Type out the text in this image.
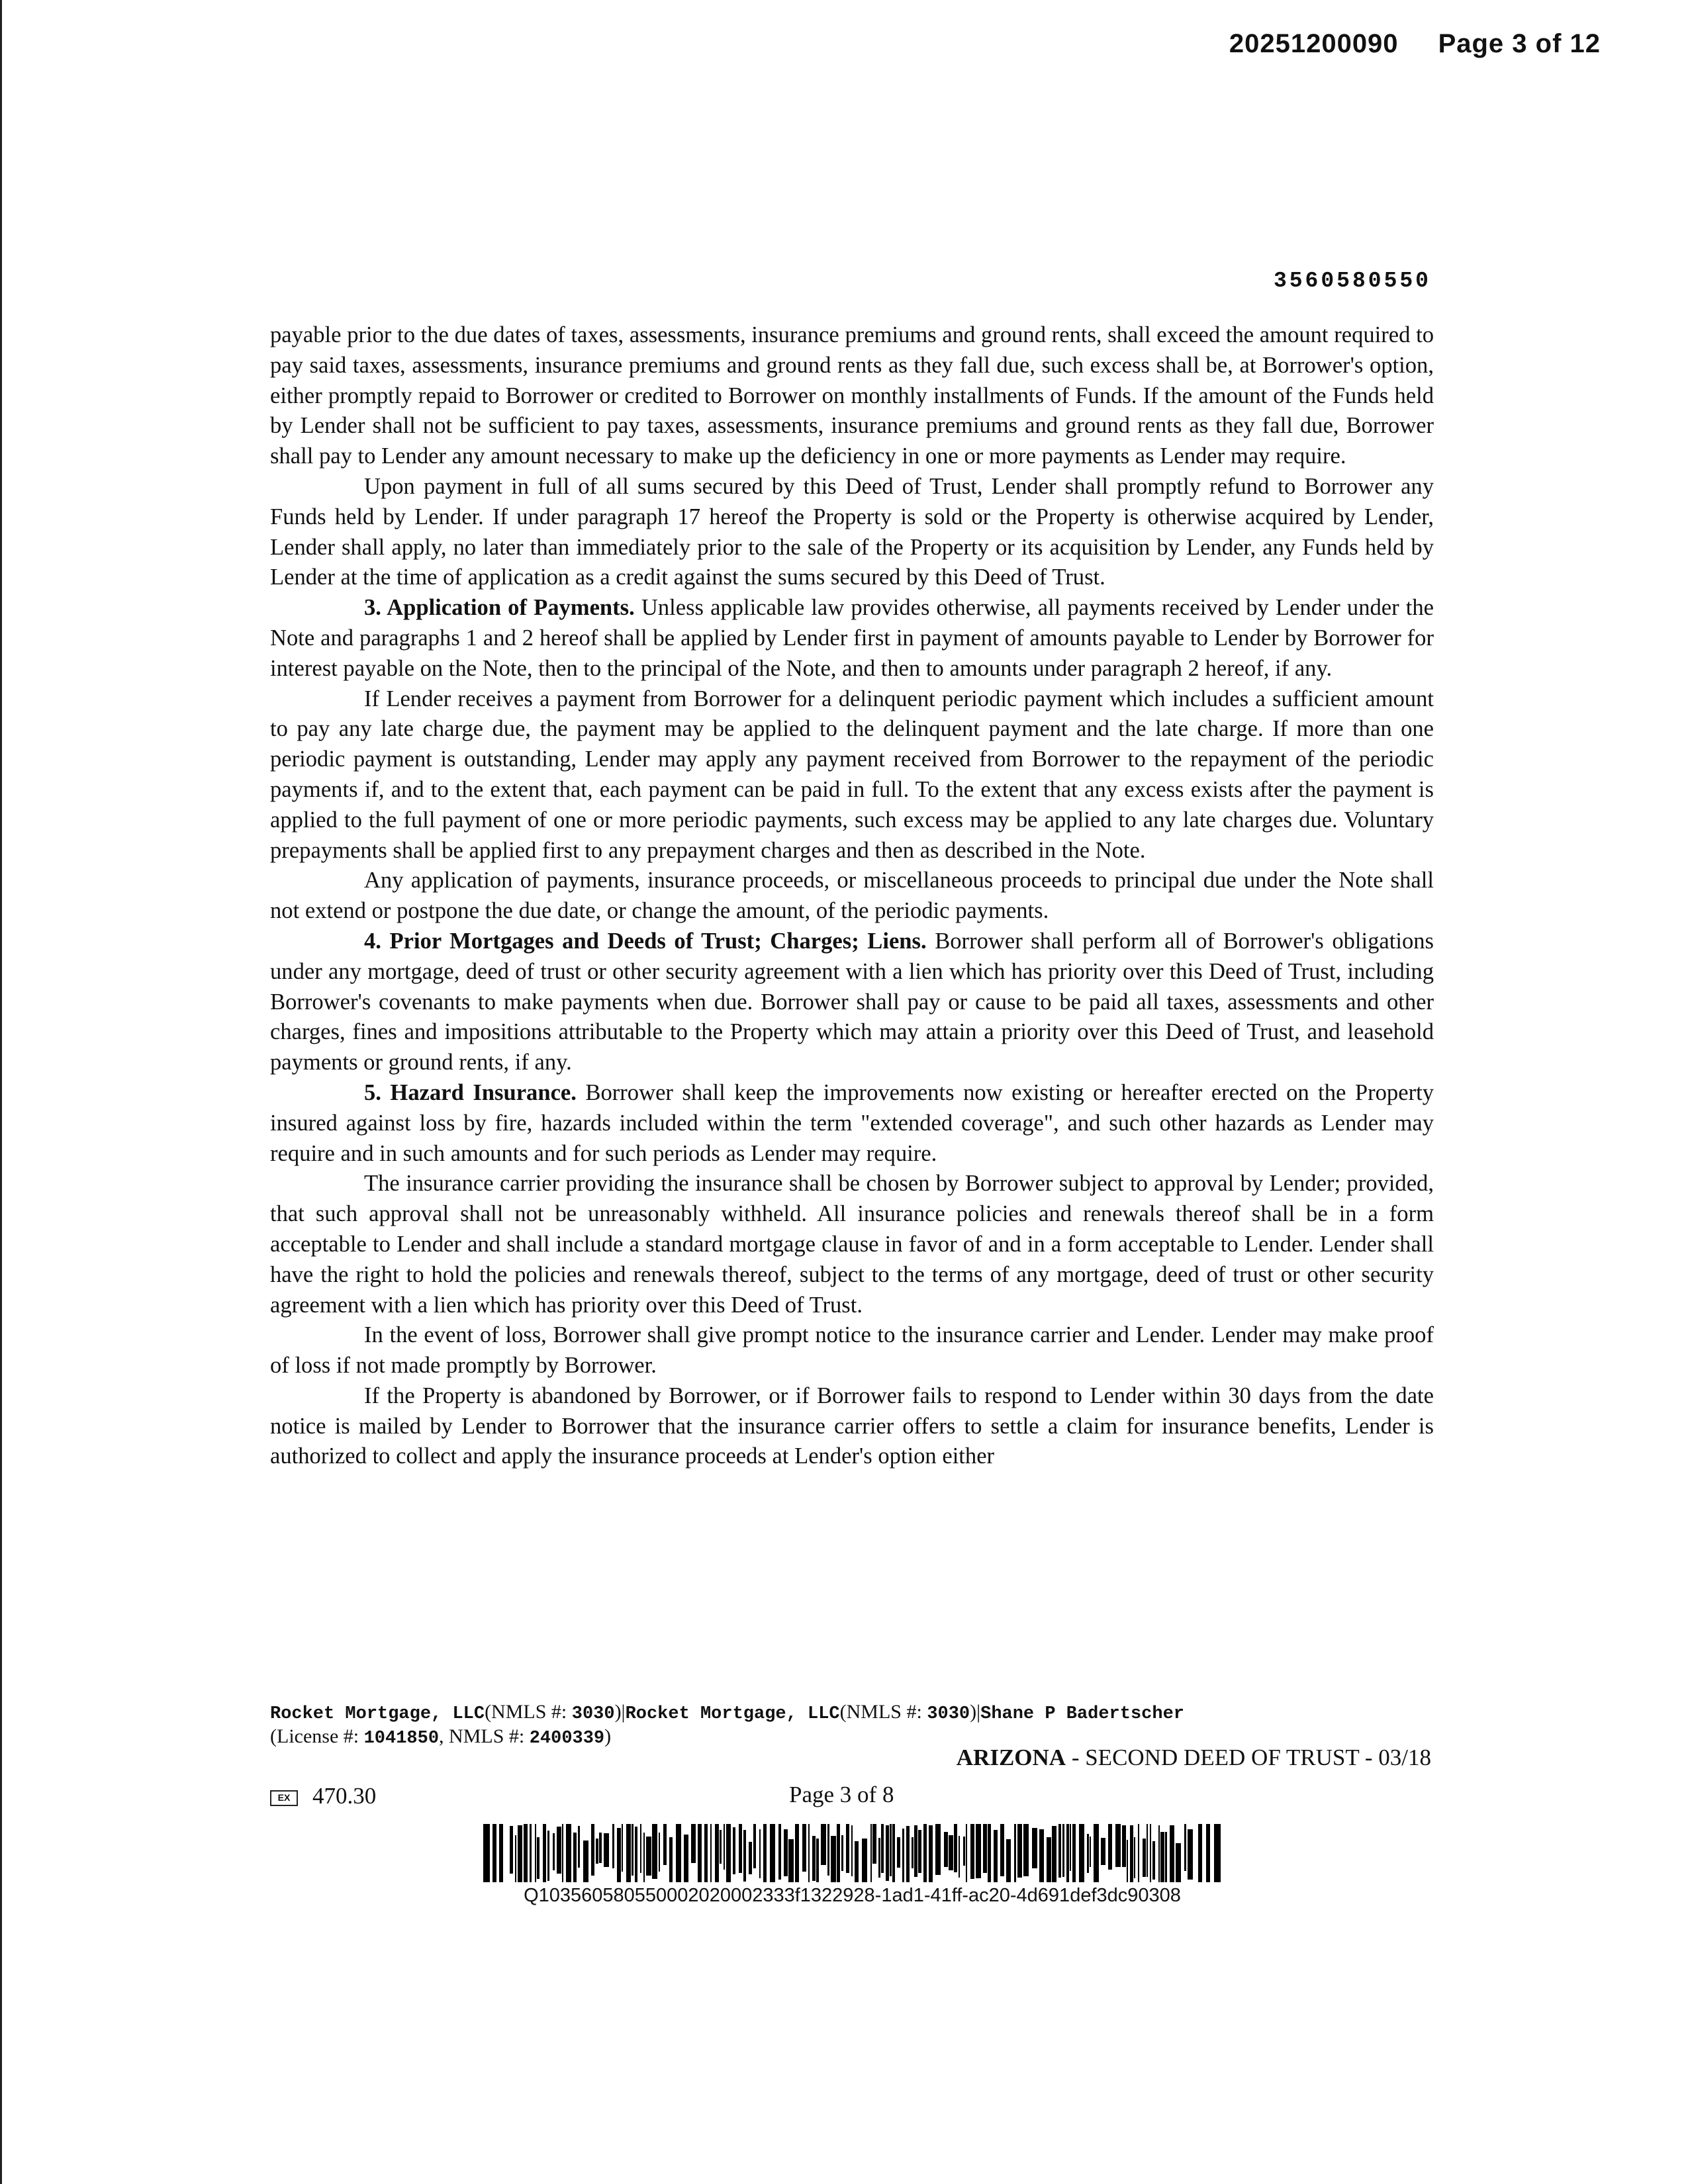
20251200090 Page 3 of 12
3560580550

payable prior to the due dates of taxes, assessments, insurance premiums and ground rents, shall exceed the amount required to pay said taxes, assessments, insurance premiums and ground rents as they fall due, such excess shall be, at Borrower's option, either promptly repaid to Borrower or credited to Borrower on monthly installments of Funds. If the amount of the Funds held by Lender shall not be sufficient to pay taxes, assessments, insurance premiums and ground rents as they fall due, Borrower shall pay to Lender any amount necessary to make up the deficiency in one or more payments as Lender may require.

Upon payment in full of all sums secured by this Deed of Trust, Lender shall promptly refund to Borrower any Funds held by Lender. If under paragraph 17 hereof the Property is sold or the Property is otherwise acquired by Lender, Lender shall apply, no later than immediately prior to the sale of the Property or its acquisition by Lender, any Funds held by Lender at the time of application as a credit against the sums secured by this Deed of Trust.

3. Application of Payments. Unless applicable law provides otherwise, all payments received by Lender under the Note and paragraphs 1 and 2 hereof shall be applied by Lender first in payment of amounts payable to Lender by Borrower for interest payable on the Note, then to the principal of the Note, and then to amounts under paragraph 2 hereof, if any.

If Lender receives a payment from Borrower for a delinquent periodic payment which includes a sufficient amount to pay any late charge due, the payment may be applied to the delinquent payment and the late charge. If more than one periodic payment is outstanding, Lender may apply any payment received from Borrower to the repayment of the periodic payments if, and to the extent that, each payment can be paid in full. To the extent that any excess exists after the payment is applied to the full payment of one or more periodic payments, such excess may be applied to any late charges due. Voluntary prepayments shall be applied first to any prepayment charges and then as described in the Note.

Any application of payments, insurance proceeds, or miscellaneous proceeds to principal due under the Note shall not extend or postpone the due date, or change the amount, of the periodic payments.

4. Prior Mortgages and Deeds of Trust; Charges; Liens. Borrower shall perform all of Borrower's obligations under any mortgage, deed of trust or other security agreement with a lien which has priority over this Deed of Trust, including Borrower's covenants to make payments when due. Borrower shall pay or cause to be paid all taxes, assessments and other charges, fines and impositions attributable to the Property which may attain a priority over this Deed of Trust, and leasehold payments or ground rents, if any.

5. Hazard Insurance. Borrower shall keep the improvements now existing or hereafter erected on the Property insured against loss by fire, hazards included within the term "extended coverage", and such other hazards as Lender may require and in such amounts and for such periods as Lender may require.

The insurance carrier providing the insurance shall be chosen by Borrower subject to approval by Lender; provided, that such approval shall not be unreasonably withheld. All insurance policies and renewals thereof shall be in a form acceptable to Lender and shall include a standard mortgage clause in favor of and in a form acceptable to Lender. Lender shall have the right to hold the policies and renewals thereof, subject to the terms of any mortgage, deed of trust or other security agreement with a lien which has priority over this Deed of Trust.

In the event of loss, Borrower shall give prompt notice to the insurance carrier and Lender. Lender may make proof of loss if not made promptly by Borrower.

If the Property is abandoned by Borrower, or if Borrower fails to respond to Lender within 30 days from the date notice is mailed by Lender to Borrower that the insurance carrier offers to settle a claim for insurance benefits, Lender is authorized to collect and apply the insurance proceeds at Lender's option either

Rocket Mortgage, LLC(NMLS #: 3030)|Rocket Mortgage, LLC(NMLS #: 3030)|Shane P Badertscher
(License #: 1041850, NMLS #: 2400339)
ARIZONA - SECOND DEED OF TRUST - 03/18
EX 470.30	Page 3 of 8
Q103560580550002020002333f1322928-1ad1-41ff-ac20-4d691def3dc90308
